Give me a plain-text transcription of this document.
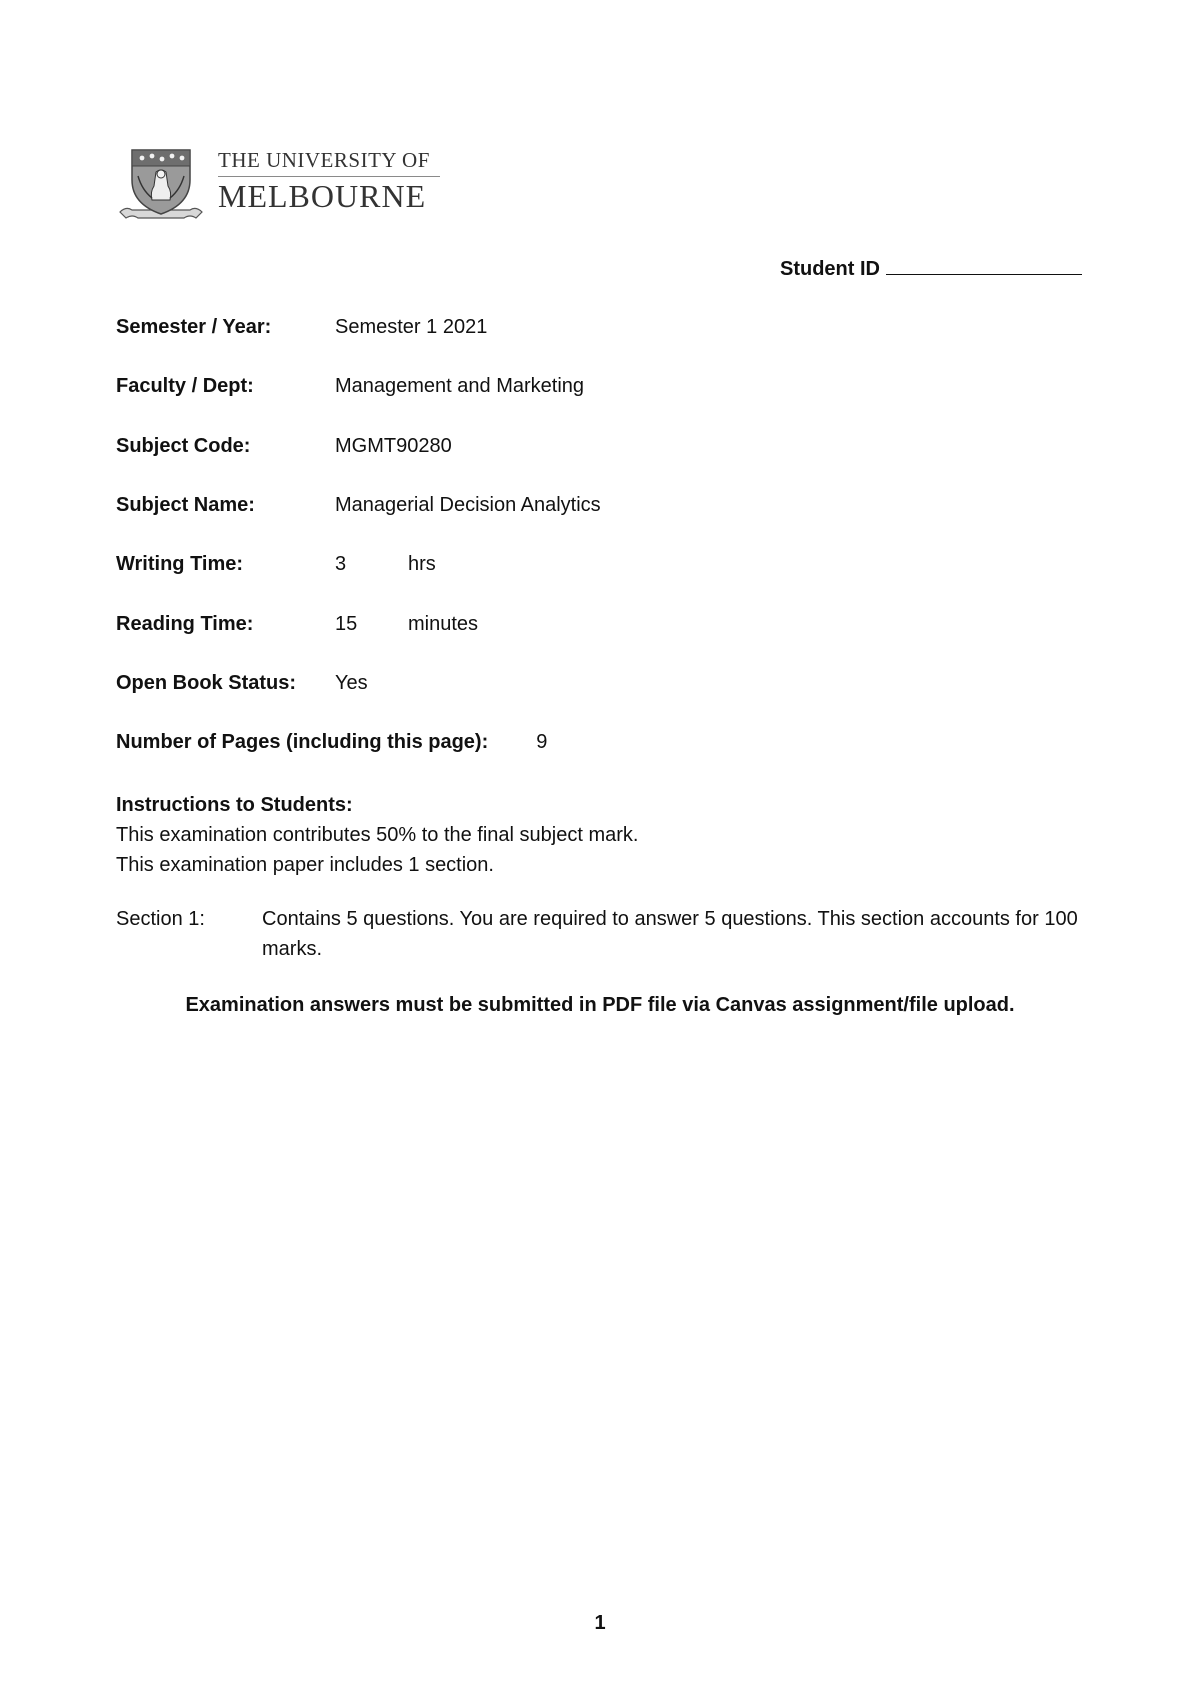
THE UNIVERSITY OF
MELBOURNE
Student ID
Semester / Year:	Semester 1 2021
Faculty / Dept:	Management and Marketing
Subject Code:	MGMT90280
Subject Name:	Managerial Decision Analytics
Writing Time:	3	hrs
Reading Time:	15	minutes
Open Book Status: Yes
Number of Pages (including this page): 9
Instructions to Students:
This examination contributes 50% to the final subject mark.
This examination paper includes 1 section.
Section 1:	Contains 5 questions. You are required to answer 5 questions. This section accounts for 100 marks.
Examination answers must be submitted in PDF file via Canvas assignment/file upload.
1
